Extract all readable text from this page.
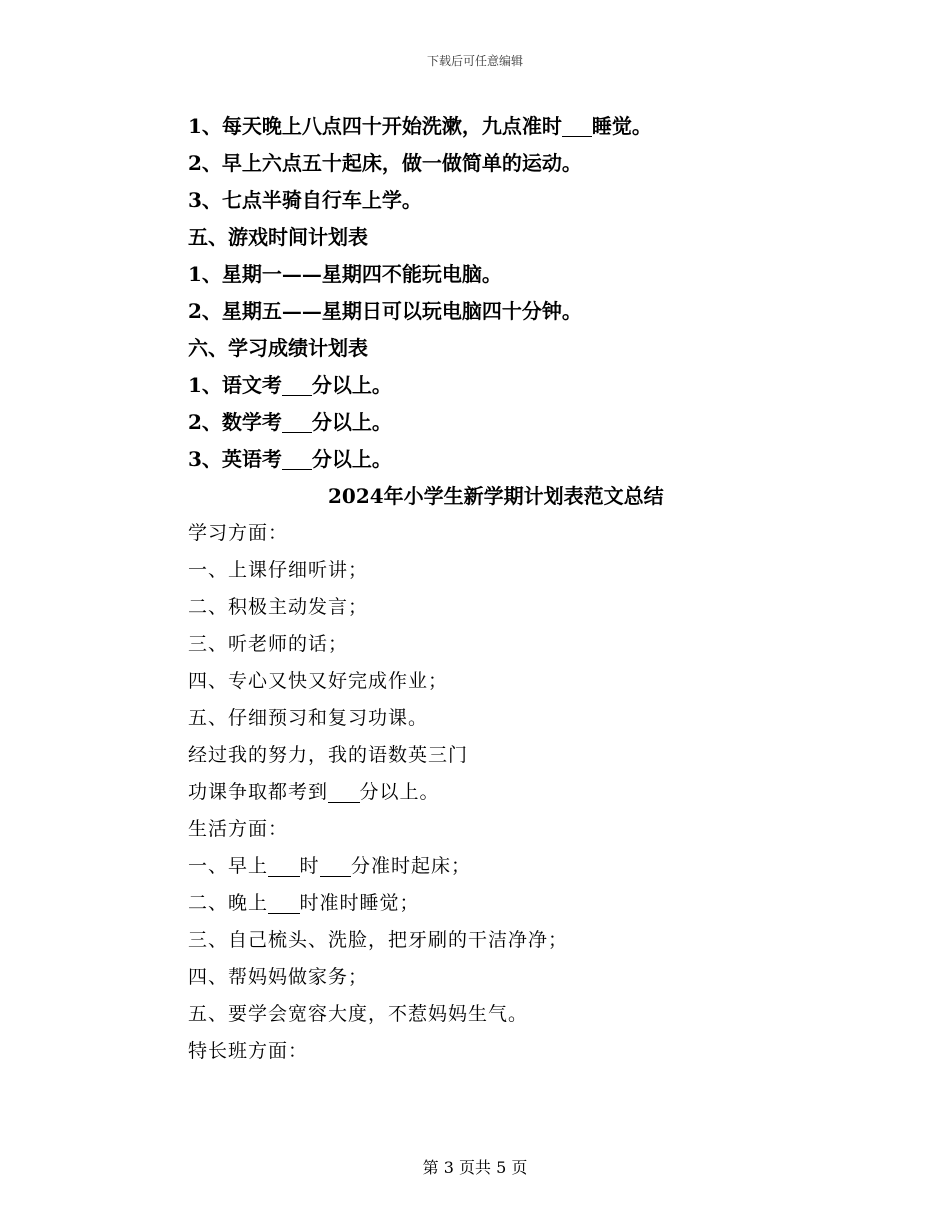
下载后可任意编辑
1、每天晚上八点四十开始洗漱，九点准时 睡觉。
2、早上六点五十起床，做一做简单的运动。
3、七点半骑自行车上学。
五、游戏时间计划表
1、星期一——星期四不能玩电脑。
2、星期五——星期日可以玩电脑四十分钟。
六、学习成绩计划表
1、语文考 分以上。
2、数学考 分以上。
3、英语考 分以上。
2024年小学生新学期计划表范文总结
学习方面：
一、上课仔细听讲；
二、积极主动发言；
三、听老师的话；
四、专心又快又好完成作业；
五、仔细预习和复习功课。
经过我的努力，我的语数英三门
功课争取都考到 分以上。
生活方面：
一、早上 时 分准时起床；
二、晚上 时准时睡觉；
三、自己梳头、洗脸，把牙刷的干洁净净；
四、帮妈妈做家务；
五、要学会宽容大度，不惹妈妈生气。
特长班方面：
第 3 页共 5 页
